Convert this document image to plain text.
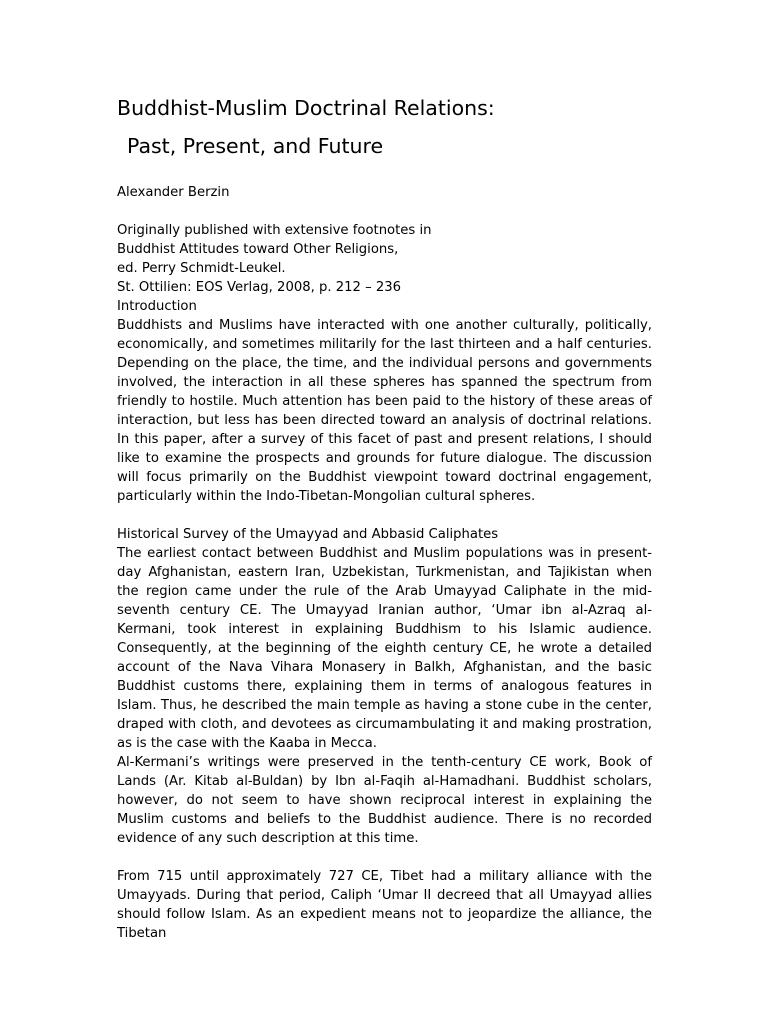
Buddhist-Muslim Doctrinal Relations:
Past, Present, and Future
Alexander Berzin
Originally published with extensive footnotes in
Buddhist Attitudes toward Other Religions,
ed. Perry Schmidt-Leukel.
St. Ottilien: EOS Verlag, 2008, p. 212 – 236
Introduction

Buddhists and Muslims have interacted with one another culturally, politically, economically, and sometimes militarily for the last thirteen and a half centuries. Depending on the place, the time, and the individual persons and governments involved, the interaction in all these spheres has spanned the spectrum from friendly to hostile. Much attention has been paid to the history of these areas of interaction, but less has been directed toward an analysis of doctrinal relations. In this paper, after a survey of this facet of past and present relations, I should like to examine the prospects and grounds for future dialogue. The discussion will focus primarily on the Buddhist viewpoint toward doctrinal engagement, particularly within the Indo-Tibetan-Mongolian cultural spheres.

Historical Survey of the Umayyad and Abbasid Caliphates

The earliest contact between Buddhist and Muslim populations was in present-day Afghanistan, eastern Iran, Uzbekistan, Turkmenistan, and Tajikistan when the region came under the rule of the Arab Umayyad Caliphate in the mid-seventh century CE. The Umayyad Iranian author, ‘Umar ibn al-Azraq al-Kermani, took interest in explaining Buddhism to his Islamic audience. Consequently, at the beginning of the eighth century CE, he wrote a detailed account of the Nava Vihara Monasery in Balkh, Afghanistan, and the basic Buddhist customs there, explaining them in terms of analogous features in Islam. Thus, he described the main temple as having a stone cube in the center, draped with cloth, and devotees as circumambulating it and making prostration, as is the case with the Kaaba in Mecca.

Al-Kermani’s writings were preserved in the tenth-century CE work, Book of Lands (Ar. Kitab al-Buldan) by Ibn al-Faqih al-Hamadhani. Buddhist scholars, however, do not seem to have shown reciprocal interest in explaining the Muslim customs and beliefs to the Buddhist audience. There is no recorded evidence of any such description at this time.

From 715 until approximately 727 CE, Tibet had a military alliance with the Umayyads. During that period, Caliph ‘Umar II decreed that all Umayyad allies should follow Islam. As an expedient means not to jeopardize the alliance, the Tibetan
